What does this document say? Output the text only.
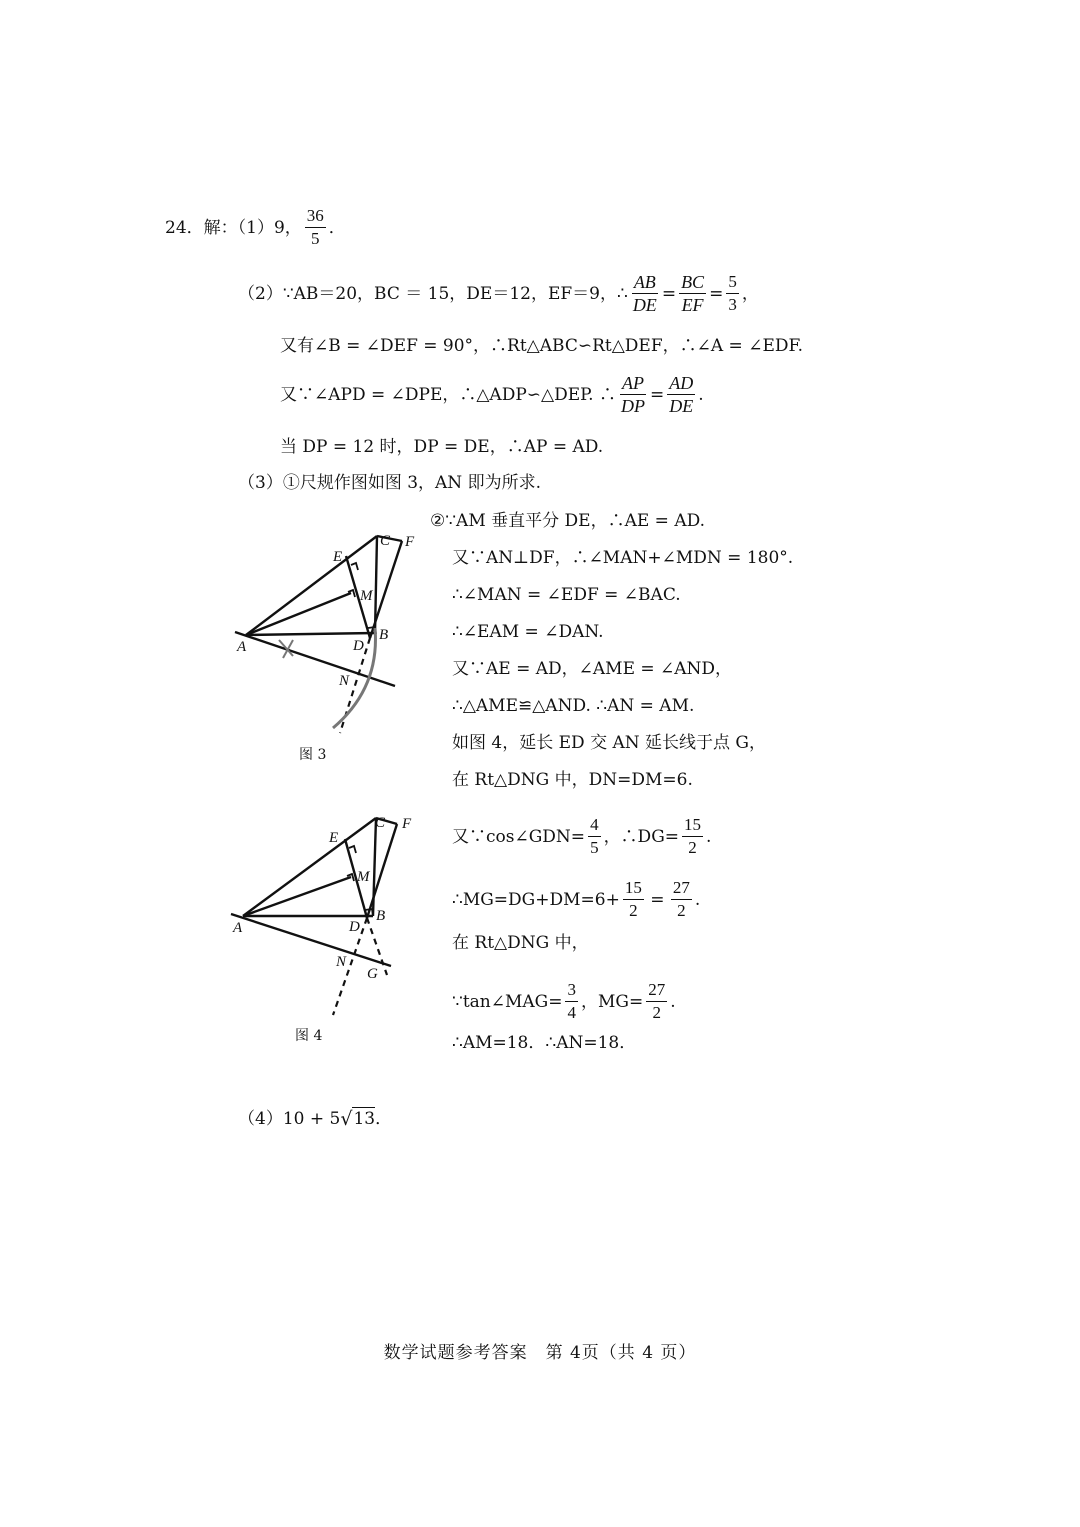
24．解：（1）9， $\frac{36}{5}$ ．
（2） ∵AB＝20，BC ＝ 15，DE＝12，EF＝9，∴ $\frac{AB}{DE} = \frac{BC}{EF} = \frac{5}{3}$ ，
又有∠B = ∠DEF = 90°，∴Rt△ABC∽Rt△DEF，∴∠A = ∠EDF.
又∵∠APD = ∠DPE，∴△ADP∽△DEP. ∴ $\frac{AP}{DP} = \frac{AD}{DE}$ .
当 DP = 12 时，DP = DE，∴AP = AD.
（3）①尺规作图如图 3，AN 即为所求.
②∵AM 垂直平分 DE，∴AE = AD.
又∵AN⊥DF，∴∠MAN+∠MDN = 180°.
∴∠MAN = ∠EDF = ∠BAC.
∴∠EAM = ∠DAN.
又∵AE = AD，∠AME = ∠AND，
∴△AME≌△AND. ∴AN = AM.
如图 4，延长 ED 交 AN 延长线于点 G，
在 Rt△DNG 中，DN=DM=6.
又∵cos∠GDN= $\frac{4}{5}$ ，∴DG= $\frac{15}{2}$ .
∴MG=DG+DM=6+ $\frac{15}{2} = \frac{27}{2}$ .
在 Rt△DNG 中，
∵tan∠MAG= $\frac{3}{4}$ ，$MG= \frac{27}{2}$ .
∴AM=18．∴AN=18．
A
B
C
D
E
F
M
N
图 3
A
B
C
D
E
F
M
N
G
图 4
（4） 10 + 5 √ 13 ．
数学试题参考答案　第 4页（共 4 页）
